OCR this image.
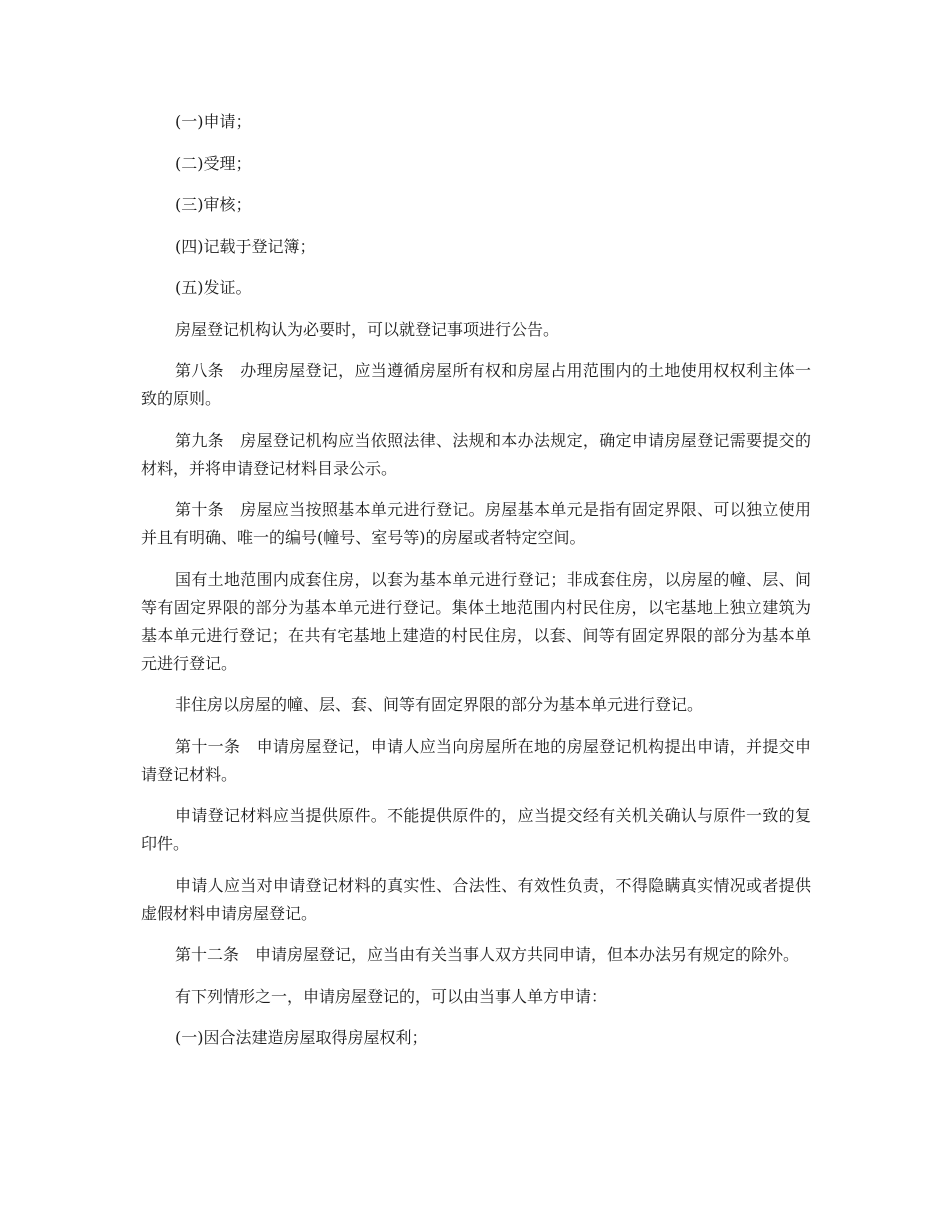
(一)申请；

(二)受理；

(三)审核；

(四)记载于登记簿；

(五)发证。

房屋登记机构认为必要时，可以就登记事项进行公告。

第八条　办理房屋登记，应当遵循房屋所有权和房屋占用范围内的土地使用权权利主体一致的原则。

第九条　房屋登记机构应当依照法律、法规和本办法规定，确定申请房屋登记需要提交的材料，并将申请登记材料目录公示。

第十条　房屋应当按照基本单元进行登记。房屋基本单元是指有固定界限、可以独立使用并且有明确、唯一的编号(幢号、室号等)的房屋或者特定空间。

国有土地范围内成套住房，以套为基本单元进行登记；非成套住房，以房屋的幢、层、间等有固定界限的部分为基本单元进行登记。集体土地范围内村民住房，以宅基地上独立建筑为基本单元进行登记；在共有宅基地上建造的村民住房，以套、间等有固定界限的部分为基本单元进行登记。

非住房以房屋的幢、层、套、间等有固定界限的部分为基本单元进行登记。

第十一条　申请房屋登记，申请人应当向房屋所在地的房屋登记机构提出申请，并提交申请登记材料。

申请登记材料应当提供原件。不能提供原件的，应当提交经有关机关确认与原件一致的复印件。

申请人应当对申请登记材料的真实性、合法性、有效性负责，不得隐瞒真实情况或者提供虚假材料申请房屋登记。

第十二条　申请房屋登记，应当由有关当事人双方共同申请，但本办法另有规定的除外。

有下列情形之一，申请房屋登记的，可以由当事人单方申请：

(一)因合法建造房屋取得房屋权利；
